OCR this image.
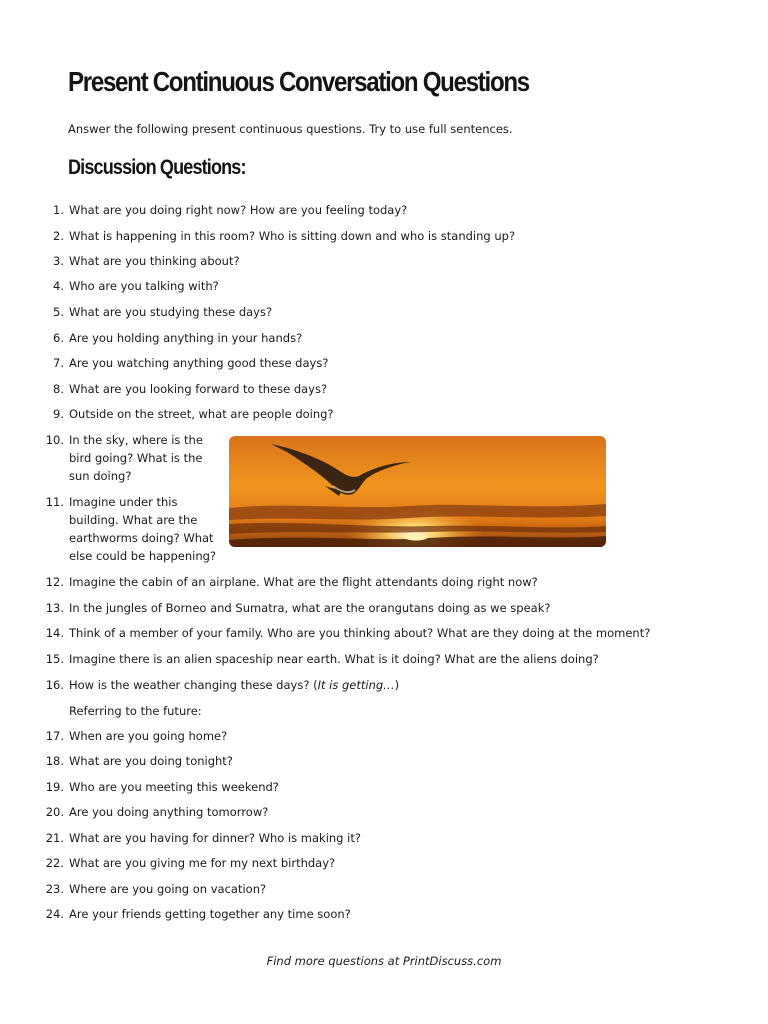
Present Continuous Conversation Questions
Answer the following present continuous questions. Try to use full sentences.
Discussion Questions:
1. What are you doing right now? How are you feeling today?
2. What is happening in this room? Who is sitting down and who is standing up?
3. What are you thinking about?
4. Who are you talking with?
5. What are you studying these days?
6. Are you holding anything in your hands?
7. Are you watching anything good these days?
8. What are you looking forward to these days?
9. Outside on the street, what are people doing?
10. In the sky, where is the bird going? What is the sun doing?
11. Imagine under this building. What are the earthworms doing? What else could be happening?
12. Imagine the cabin of an airplane. What are the flight attendants doing right now?
13. In the jungles of Borneo and Sumatra, what are the orangutans doing as we speak?
14. Think of a member of your family. Who are you thinking about? What are they doing at the moment?
15. Imagine there is an alien spaceship near earth. What is it doing? What are the aliens doing?
16. How is the weather changing these days? (It is getting…)
Referring to the future:
17. When are you going home?
18. What are you doing tonight?
19. Who are you meeting this weekend?
20. Are you doing anything tomorrow?
21. What are you having for dinner? Who is making it?
22. What are you giving me for my next birthday?
23. Where are you going on vacation?
24. Are your friends getting together any time soon?
Find more questions at PrintDiscuss.com
